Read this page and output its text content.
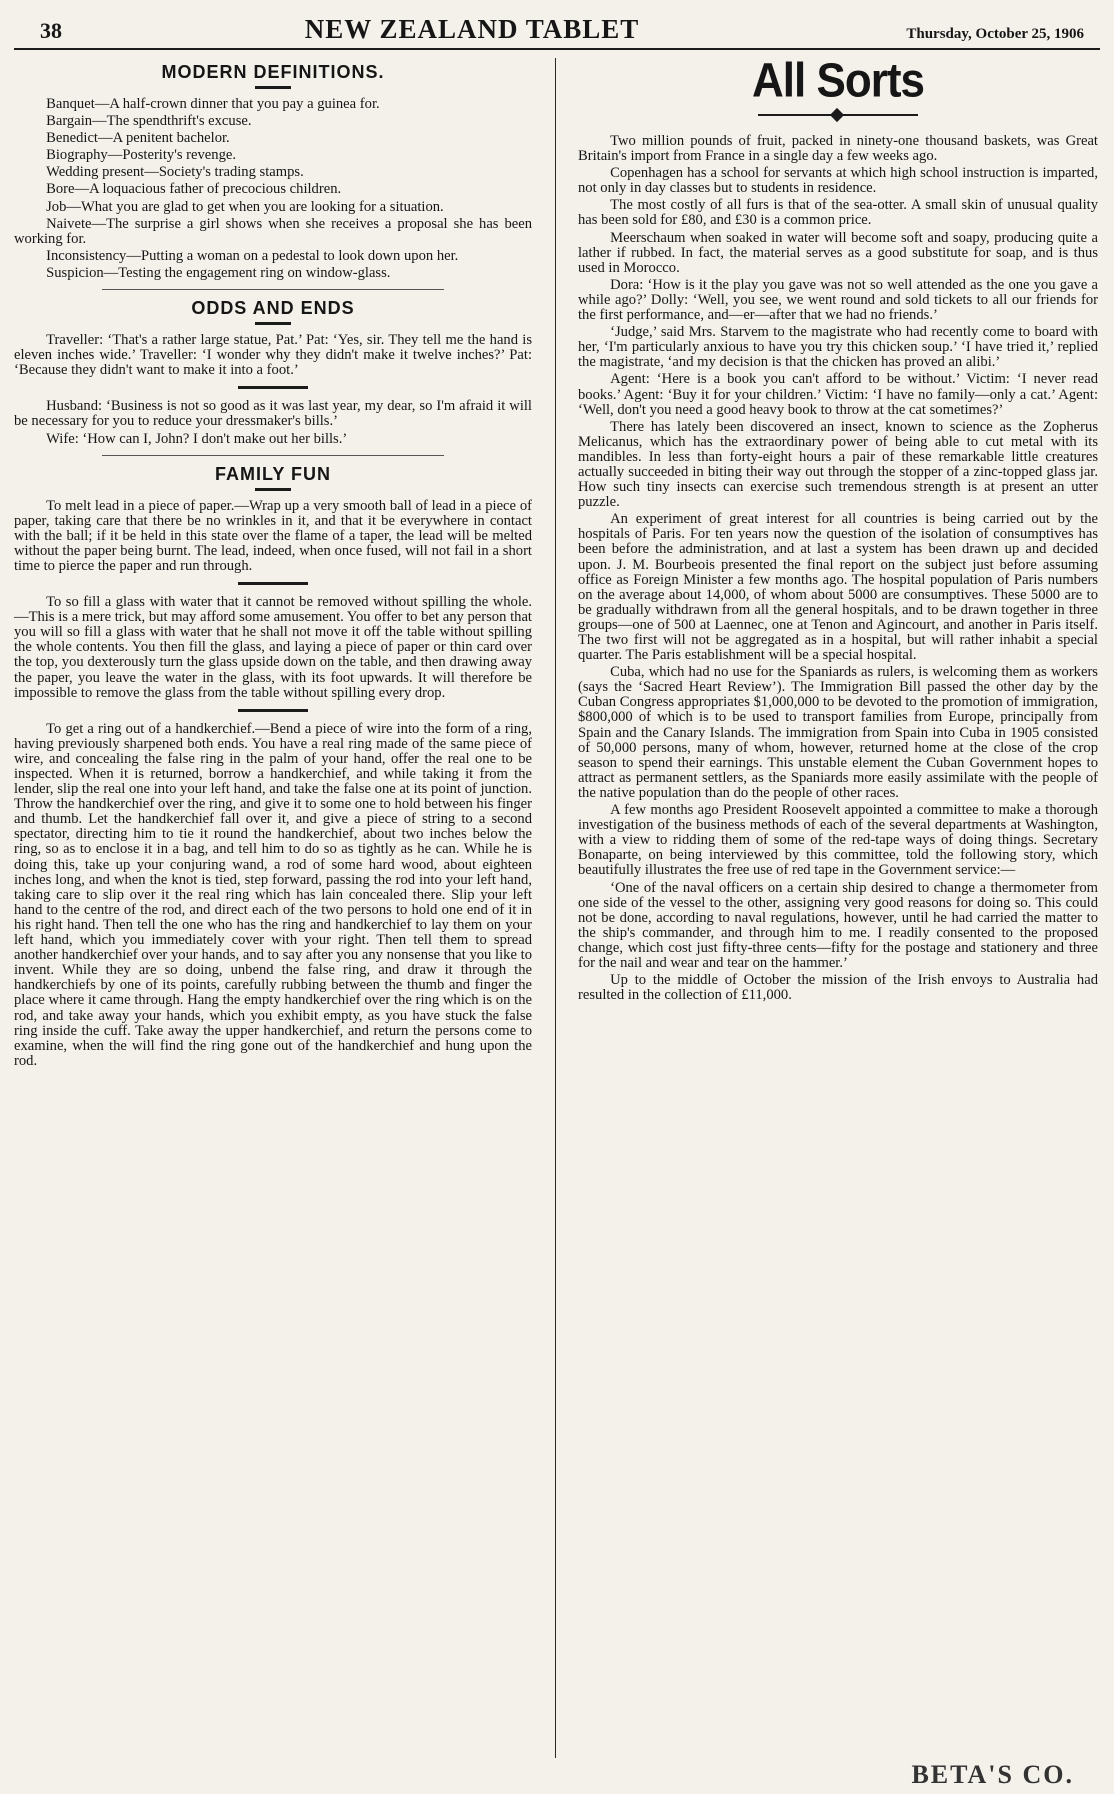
38	NEW ZEALAND TABLET	Thursday, October 25, 1906
MODERN DEFINITIONS.

Banquet—A half-crown dinner that you pay a guinea for.

Bargain—The spendthrift's excuse.

Benedict—A penitent bachelor.

Biography—Posterity's revenge.

Wedding present—Society's trading stamps.

Bore—A loquacious father of precocious children.

Job—What you are glad to get when you are looking for a situation.

Naivete—The surprise a girl shows when she receives a proposal she has been working for.

Inconsistency—Putting a woman on a pedestal to look down upon her.

Suspicion—Testing the engagement ring on window-glass.

ODDS AND ENDS

Traveller: ‘That's a rather large statue, Pat.’ Pat: ‘Yes, sir. They tell me the hand is eleven inches wide.’ Traveller: ‘I wonder why they didn't make it twelve inches?’ Pat: ‘Because they didn't want to make it into a foot.’

Husband: ‘Business is not so good as it was last year, my dear, so I'm afraid it will be necessary for you to reduce your dressmaker's bills.’

Wife: ‘How can I, John? I don't make out her bills.’

FAMILY FUN

To melt lead in a piece of paper.—Wrap up a very smooth ball of lead in a piece of paper, taking care that there be no wrinkles in it, and that it be everywhere in contact with the ball; if it be held in this state over the flame of a taper, the lead will be melted without the paper being burnt. The lead, indeed, when once fused, will not fail in a short time to pierce the paper and run through.

To so fill a glass with water that it cannot be removed without spilling the whole.—This is a mere trick, but may afford some amusement. You offer to bet any person that you will so fill a glass with water that he shall not move it off the table without spilling the whole contents. You then fill the glass, and laying a piece of paper or thin card over the top, you dexterously turn the glass upside down on the table, and then drawing away the paper, you leave the water in the glass, with its foot upwards. It will therefore be impossible to remove the glass from the table without spilling every drop.

To get a ring out of a handkerchief.—Bend a piece of wire into the form of a ring, having previously sharpened both ends. You have a real ring made of the same piece of wire, and concealing the false ring in the palm of your hand, offer the real one to be inspected. When it is returned, borrow a handkerchief, and while taking it from the lender, slip the real one into your left hand, and take the false one at its point of junction. Throw the handkerchief over the ring, and give it to some one to hold between his finger and thumb. Let the handkerchief fall over it, and give a piece of string to a second spectator, directing him to tie it round the handkerchief, about two inches below the ring, so as to enclose it in a bag, and tell him to do so as tightly as he can. While he is doing this, take up your conjuring wand, a rod of some hard wood, about eighteen inches long, and when the knot is tied, step forward, passing the rod into your left hand, taking care to slip over it the real ring which has lain concealed there. Slip your left hand to the centre of the rod, and direct each of the two persons to hold one end of it in his right hand. Then tell the one who has the ring and handkerchief to lay them on your left hand, which you immediately cover with your right. Then tell them to spread another handkerchief over your hands, and to say after you any nonsense that you like to invent. While they are so doing, unbend the false ring, and draw it through the handkerchiefs by one of its points, carefully rubbing between the thumb and finger the place where it came through. Hang the empty handkerchief over the ring which is on the rod, and take away your hands, which you exhibit empty, as you have stuck the false ring inside the cuff. Take away the upper handkerchief, and return the persons come to examine, when the will find the ring gone out of the handkerchief and hung upon the rod.

All Sorts

Two million pounds of fruit, packed in ninety-one thousand baskets, was Great Britain's import from France in a single day a few weeks ago.

Copenhagen has a school for servants at which high school instruction is imparted, not only in day classes but to students in residence.

The most costly of all furs is that of the sea-otter. A small skin of unusual quality has been sold for £80, and £30 is a common price.

Meerschaum when soaked in water will become soft and soapy, producing quite a lather if rubbed. In fact, the material serves as a good substitute for soap, and is thus used in Morocco.

Dora: ‘How is it the play you gave was not so well attended as the one you gave a while ago?’ Dolly: ‘Well, you see, we went round and sold tickets to all our friends for the first performance, and—er—after that we had no friends.’

‘Judge,’ said Mrs. Starvem to the magistrate who had recently come to board with her, ‘I'm particularly anxious to have you try this chicken soup.’ ‘I have tried it,’ replied the magistrate, ‘and my decision is that the chicken has proved an alibi.’

Agent: ‘Here is a book you can't afford to be without.’ Victim: ‘I never read books.’ Agent: ‘Buy it for your children.’ Victim: ‘I have no family—only a cat.’ Agent: ‘Well, don't you need a good heavy book to throw at the cat sometimes?’

There has lately been discovered an insect, known to science as the Zopherus Melicanus, which has the extraordinary power of being able to cut metal with its mandibles. In less than forty-eight hours a pair of these remarkable little creatures actually succeeded in biting their way out through the stopper of a zinc-topped glass jar. How such tiny insects can exercise such tremendous strength is at present an utter puzzle.

An experiment of great interest for all countries is being carried out by the hospitals of Paris. For ten years now the question of the isolation of consumptives has been before the administration, and at last a system has been drawn up and decided upon. J. M. Bourbeois presented the final report on the subject just before assuming office as Foreign Minister a few months ago. The hospital population of Paris numbers on the average about 14,000, of whom about 5000 are consumptives. These 5000 are to be gradually withdrawn from all the general hospitals, and to be drawn together in three groups—one of 500 at Laennec, one at Tenon and Agincourt, and another in Paris itself. The two first will not be aggregated as in a hospital, but will rather inhabit a special quarter. The Paris establishment will be a special hospital.

Cuba, which had no use for the Spaniards as rulers, is welcoming them as workers (says the ‘Sacred Heart Review’). The Immigration Bill passed the other day by the Cuban Congress appropriates $1,000,000 to be devoted to the promotion of immigration, $800,000 of which is to be used to transport families from Europe, principally from Spain and the Canary Islands. The immigration from Spain into Cuba in 1905 consisted of 50,000 persons, many of whom, however, returned home at the close of the crop season to spend their earnings. This unstable element the Cuban Government hopes to attract as permanent settlers, as the Spaniards more easily assimilate with the people of the native population than do the people of other races.

A few months ago President Roosevelt appointed a committee to make a thorough investigation of the business methods of each of the several departments at Washington, with a view to ridding them of some of the red-tape ways of doing things. Secretary Bonaparte, on being interviewed by this committee, told the following story, which beautifully illustrates the free use of red tape in the Government service:—

‘One of the naval officers on a certain ship desired to change a thermometer from one side of the vessel to the other, assigning very good reasons for doing so. This could not be done, according to naval regulations, however, until he had carried the matter to the ship's commander, and through him to me. I readily consented to the proposed change, which cost just fifty-three cents—fifty for the postage and stationery and three for the nail and wear and tear on the hammer.’

Up to the middle of October the mission of the Irish envoys to Australia had resulted in the collection of £11,000.

BETA'S CO.
